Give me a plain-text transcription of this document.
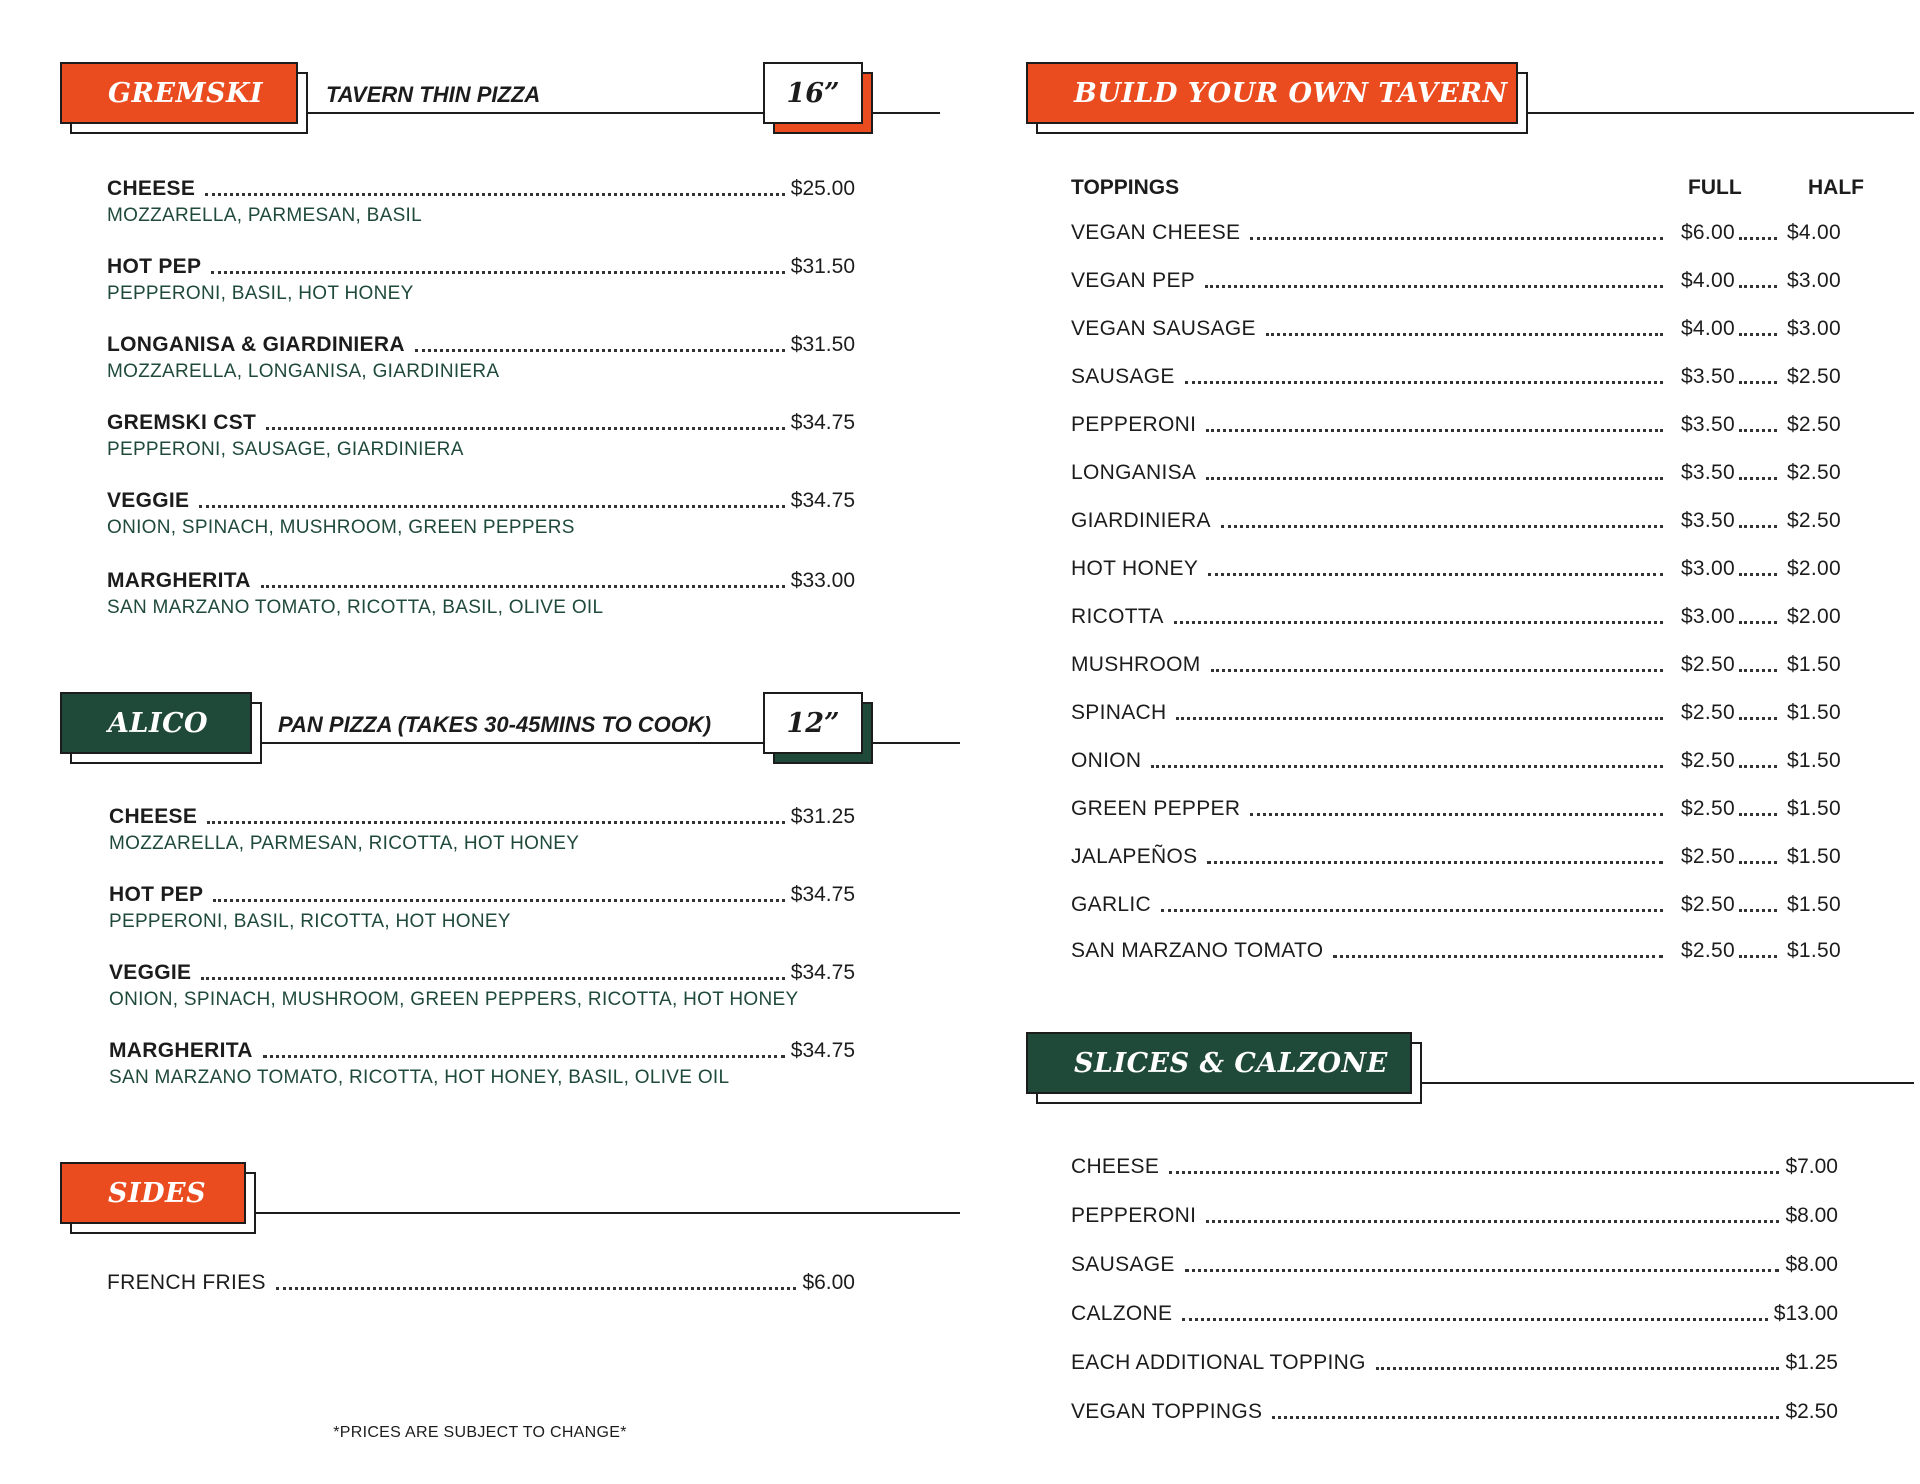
GREMSKI	TAVERN THIN PIZZA	16”
CHEESE	$25.00
MOZZARELLA, PARMESAN, BASIL
HOT PEP	$31.50
PEPPERONI, BASIL, HOT HONEY
LONGANISA & GIARDINIERA	$31.50
MOZZARELLA, LONGANISA, GIARDINIERA
GREMSKI CST	$34.75
PEPPERONI, SAUSAGE, GIARDINIERA
VEGGIE	$34.75
ONION, SPINACH, MUSHROOM, GREEN PEPPERS
MARGHERITA	$33.00
SAN MARZANO TOMATO, RICOTTA, BASIL, OLIVE OIL
ALICO	PAN PIZZA (TAKES 30-45MINS TO COOK)	12”
CHEESE	$31.25
MOZZARELLA, PARMESAN, RICOTTA, HOT HONEY
HOT PEP	$34.75
PEPPERONI, BASIL, RICOTTA, HOT HONEY
VEGGIE	$34.75
ONION, SPINACH, MUSHROOM, GREEN PEPPERS, RICOTTA, HOT HONEY
MARGHERITA	$34.75
SAN MARZANO TOMATO, RICOTTA, HOT HONEY, BASIL, OLIVE OIL
SIDES
FRENCH FRIES	$6.00
*PRICES ARE SUBJECT TO CHANGE*
BUILD YOUR OWN TAVERN
TOPPINGS	FULL	HALF
VEGAN CHEESE	$6.00	$4.00
VEGAN PEP	$4.00	$3.00
VEGAN SAUSAGE	$4.00	$3.00
SAUSAGE	$3.50	$2.50
PEPPERONI	$3.50	$2.50
LONGANISA	$3.50	$2.50
GIARDINIERA	$3.50	$2.50
HOT HONEY	$3.00	$2.00
RICOTTA	$3.00	$2.00
MUSHROOM	$2.50	$1.50
SPINACH	$2.50	$1.50
ONION	$2.50	$1.50
GREEN PEPPER	$2.50	$1.50
JALAPEÑOS	$2.50	$1.50
GARLIC	$2.50	$1.50
SAN MARZANO TOMATO	$2.50	$1.50
SLICES & CALZONE
CHEESE	$7.00
PEPPERONI	$8.00
SAUSAGE	$8.00
CALZONE	$13.00
EACH ADDITIONAL TOPPING	$1.25
VEGAN TOPPINGS	$2.50
